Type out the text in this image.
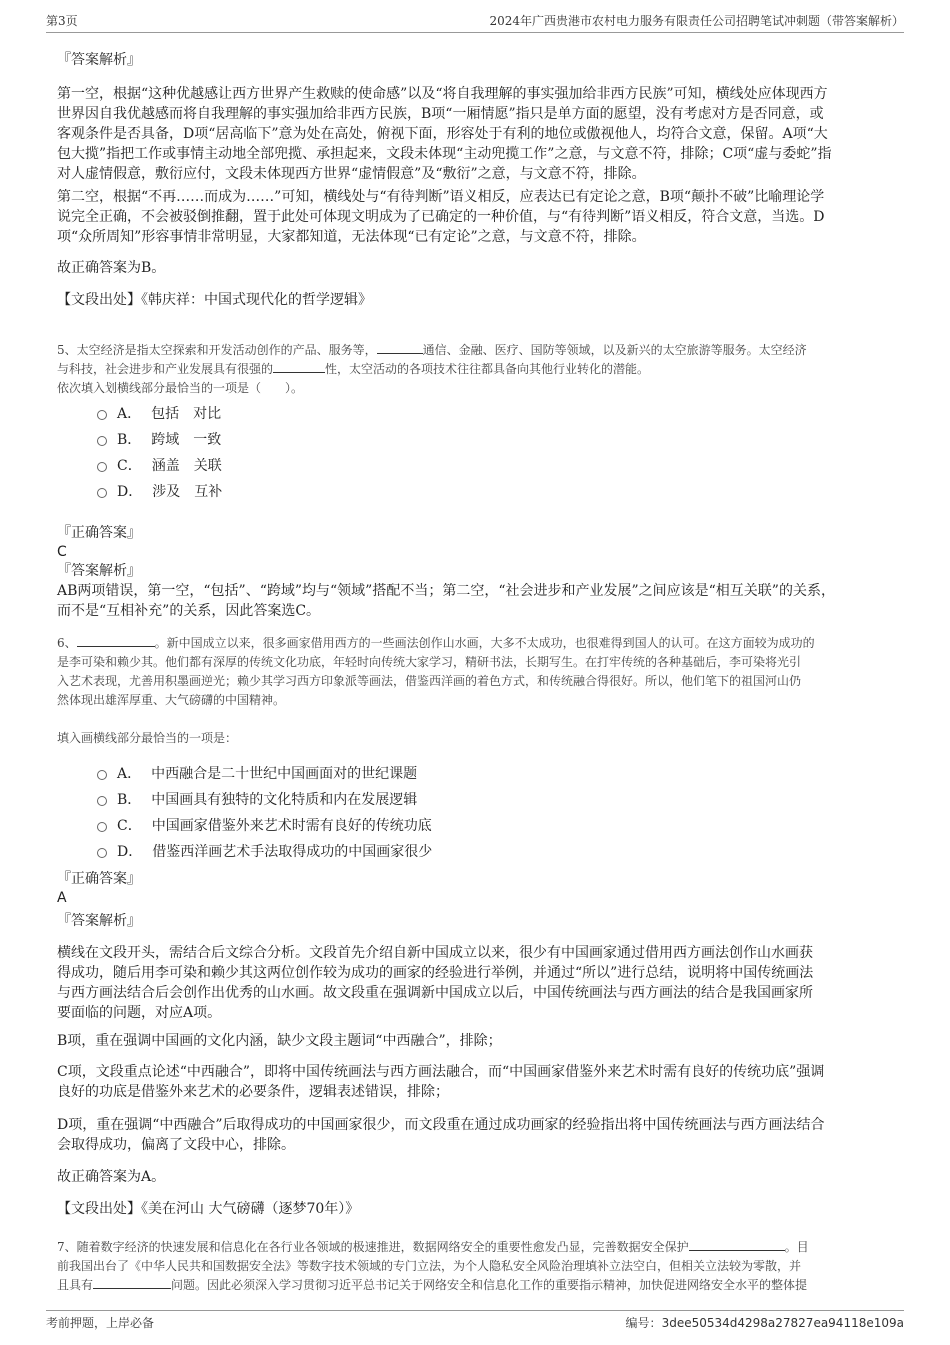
第3页	2024年广西贵港市农村电力服务有限责任公司招聘笔试冲刺题（带答案解析）

『答案解析』

第一空，根据“这种优越感让西方世界产生救赎的使命感”以及“将自我理解的事实强加给非西方民族”可知，横线处应体现西方

世界因自我优越感而将自我理解的事实强加给非西方民族，B项“一厢情愿”指只是单方面的愿望，没有考虑对方是否同意，或

客观条件是否具备，D项“居高临下”意为处在高处，俯视下面，形容处于有利的地位或傲视他人，均符合文意，保留。A项“大

包大揽”指把工作或事情主动地全部兜揽、承担起来，文段未体现“主动兜揽工作”之意，与文意不符，排除；C项“虚与委蛇”指

对人虚情假意，敷衍应付，文段未体现西方世界“虚情假意”及“敷衍”之意，与文意不符，排除。

第二空，根据“不再……而成为……”可知，横线处与“有待判断”语义相反，应表达已有定论之意，B项“颠扑不破”比喻理论学

说完全正确，不会被驳倒推翻，置于此处可体现文明成为了已确定的一种价值，与“有待判断”语义相反，符合文意，当选。D

项“众所周知”形容事情非常明显，大家都知道，无法体现“已有定论”之意，与文意不符，排除。

故正确答案为B。

【文段出处】《韩庆祥：中国式现代化的哲学逻辑》

5、太空经济是指太空探索和开发活动创作的产品、服务等，	通信、金融、医疗、国防等领域，以及新兴的太空旅游等服务。太空经济

与科技，社会进步和产业发展具有很强的	性，太空活动的各项技术往往都具备向其他行业转化的潜能。

依次填入划横线部分最恰当的一项是（　　）。

A． 包括　对比
B． 跨域　一致
C． 涵盖　关联
D． 涉及　互补

『正确答案』

C

『答案解析』

AB两项错误，第一空，“包括”、“跨域”均与“领域”搭配不当；第二空，“社会进步和产业发展”之间应该是“相互关联”的关系，

而不是“互相补充”的关系，因此答案选C。

6、	。新中国成立以来，很多画家借用西方的一些画法创作山水画，大多不太成功，也很难得到国人的认可。在这方面较为成功的

是李可染和赖少其。他们都有深厚的传统文化功底，年轻时向传统大家学习，精研书法，长期写生。在打牢传统的各种基础后，李可染将光引

入艺术表现，尤善用积墨画逆光；赖少其学习西方印象派等画法，借鉴西洋画的着色方式，和传统融合得很好。所以，他们笔下的祖国河山仍

然体现出雄浑厚重、大气磅礴的中国精神。

填入画横线部分最恰当的一项是：

A． 中西融合是二十世纪中国画面对的世纪课题
B． 中国画具有独特的文化特质和内在发展逻辑
C． 中国画家借鉴外来艺术时需有良好的传统功底
D． 借鉴西洋画艺术手法取得成功的中国画家很少

『正确答案』

A

『答案解析』

横线在文段开头，需结合后文综合分析。文段首先介绍自新中国成立以来，很少有中国画家通过借用西方画法创作山水画获

得成功，随后用李可染和赖少其这两位创作较为成功的画家的经验进行举例，并通过“所以”进行总结，说明将中国传统画法

与西方画法结合后会创作出优秀的山水画。故文段重在强调新中国成立以后，中国传统画法与西方画法的结合是我国画家所

要面临的问题，对应A项。

B项，重在强调中国画的文化内涵，缺少文段主题词“中西融合”，排除；

C项，文段重点论述“中西融合”，即将中国传统画法与西方画法融合，而“中国画家借鉴外来艺术时需有良好的传统功底”强调

良好的功底是借鉴外来艺术的必要条件，逻辑表述错误，排除；

D项，重在强调“中西融合”后取得成功的中国画家很少，而文段重在通过成功画家的经验指出将中国传统画法与西方画法结合

会取得成功，偏离了文段中心，排除。

故正确答案为A。

【文段出处】《美在河山 大气磅礴（逐梦70年）》

7、随着数字经济的快速发展和信息化在各行业各领域的极速推进，数据网络安全的重要性愈发凸显，完善数据安全保护	。目

前我国出台了《中华人民共和国数据安全法》等数字技术领域的专门立法，为个人隐私安全风险治理填补立法空白，但相关立法较为零散，并

且具有	问题。因此必须深入学习贯彻习近平总书记关于网络安全和信息化工作的重要指示精神，加快促进网络安全水平的整体提

考前押题，上岸必备	编号：3dee50534d4298a27827ea94118e109a
